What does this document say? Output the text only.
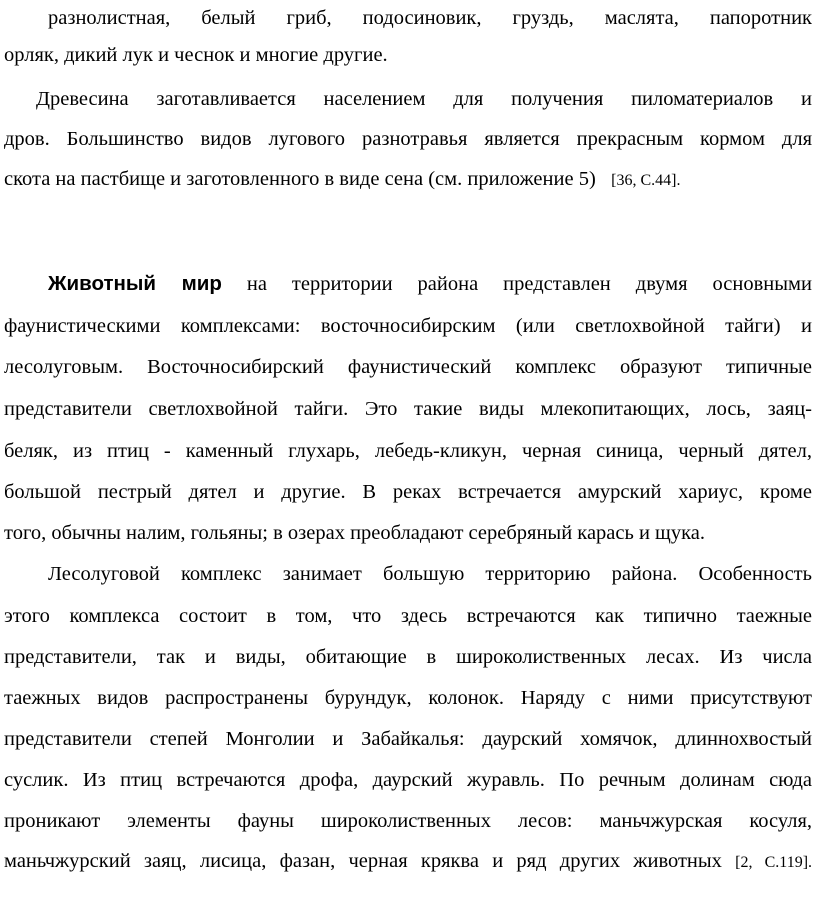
разнолистная, белый гриб, подосиновик, груздь, маслята, папоротник
орляк, дикий лук и чеснок и многие другие.
Древесина заготавливается населением для получения пиломатериалов и
дров. Большинство видов лугового разнотравья является прекрасным кормом для
скота на пастбище и заготовленного в виде сена (см. приложение 5) [36, С.44].
Животный мир на территории района представлен двумя основными
фаунистическими комплексами: восточносибирским (или светлохвойной тайги) и
лесолуговым. Восточносибирский фаунистический комплекс образуют типичные
представители светлохвойной тайги. Это такие виды млекопитающих, лось, заяц-
беляк, из птиц - каменный глухарь, лебедь-кликун, черная синица, черный дятел,
большой пестрый дятел и другие. В реках встречается амурский хариус, кроме
того, обычны налим, гольяны; в озерах преобладают серебряный карась и щука.
Лесолуговой комплекс занимает большую территорию района. Особенность
этого комплекса состоит в том, что здесь встречаются как типично таежные
представители, так и виды, обитающие в широколиственных лесах. Из числа
таежных видов распространены бурундук, колонок. Наряду с ними присутствуют
представители степей Монголии и Забайкалья: даурский хомячок, длиннохвостый
суслик. Из птиц встречаются дрофа, даурский журавль. По речным долинам сюда
проникают элементы фауны широколиственных лесов: маньчжурская косуля,
маньчжурский заяц, лисица, фазан, черная кряква и ряд других животных [2, С.119].
